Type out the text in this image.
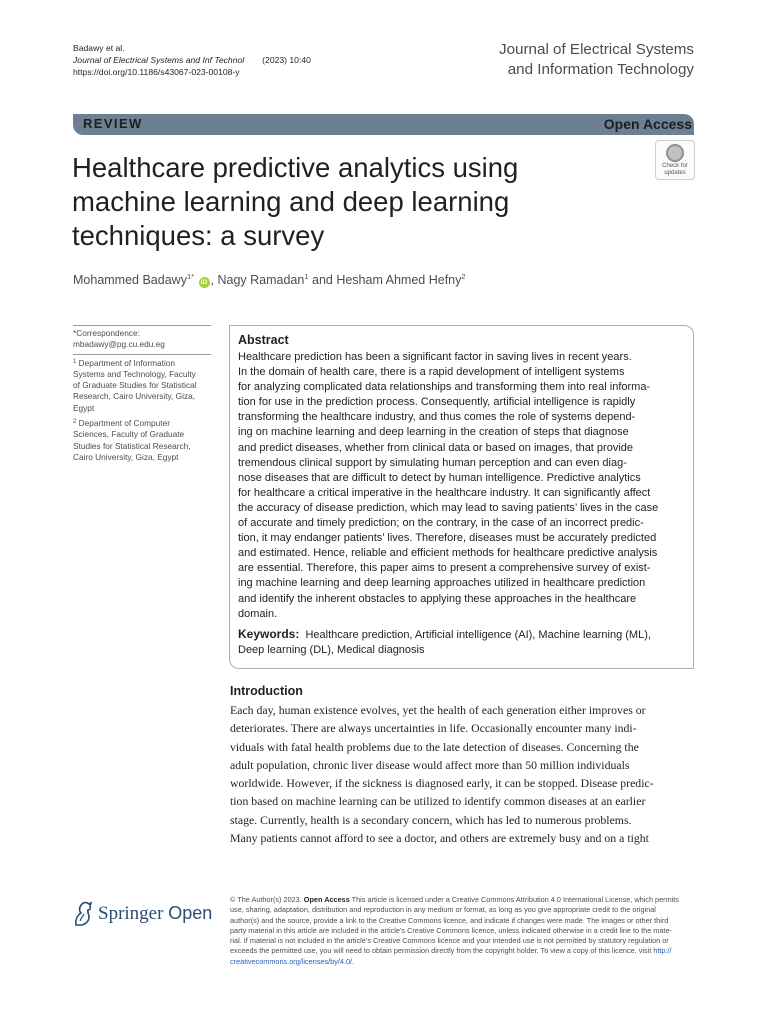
Badawy et al.
Journal of Electrical Systems and Inf Technol (2023) 10:40
https://doi.org/10.1186/s43067-023-00108-y
Journal of Electrical Systems
and Information Technology
REVIEW	Open Access
Healthcare predictive analytics using
machine learning and deep learning
techniques: a survey
Check for
updates
Mohammed Badawy$^{1*}$ iD , Nagy Ramadan$^1$ and Hesham Ahmed Hefny$^2$
*Correspondence:
mbadawy@pg.cu.edu.eg
$^1$ Department of Information
Systems and Technology, Faculty
of Graduate Studies for Statistical
Research, Cairo University, Giza,
Egypt
$^2$ Department of Computer
Sciences, Faculty of Graduate
Studies for Statistical Research,
Cairo University, Giza, Egypt
Abstract

Healthcare prediction has been a significant factor in saving lives in recent years.
In the domain of health care, there is a rapid development of intelligent systems
for analyzing complicated data relationships and transforming them into real informa-
tion for use in the prediction process. Consequently, artificial intelligence is rapidly
transforming the healthcare industry, and thus comes the role of systems depend-
ing on machine learning and deep learning in the creation of steps that diagnose
and predict diseases, whether from clinical data or based on images, that provide
tremendous clinical support by simulating human perception and can even diag-
nose diseases that are difficult to detect by human intelligence. Predictive analytics
for healthcare a critical imperative in the healthcare industry. It can significantly affect
the accuracy of disease prediction, which may lead to saving patients’ lives in the case
of accurate and timely prediction; on the contrary, in the case of an incorrect predic-
tion, it may endanger patients’ lives. Therefore, diseases must be accurately predicted
and estimated. Hence, reliable and efficient methods for healthcare predictive analysis
are essential. Therefore, this paper aims to present a comprehensive survey of exist-
ing machine learning and deep learning approaches utilized in healthcare prediction
and identify the inherent obstacles to applying these approaches in the healthcare
domain.

Keywords: Healthcare prediction, Artificial intelligence (AI), Machine learning (ML),
Deep learning (DL), Medical diagnosis
Introduction
Each day, human existence evolves, yet the health of each generation either improves or
deteriorates. There are always uncertainties in life. Occasionally encounter many indi-
viduals with fatal health problems due to the late detection of diseases. Concerning the
adult population, chronic liver disease would affect more than 50 million individuals
worldwide. However, if the sickness is diagnosed early, it can be stopped. Disease predic-
tion based on machine learning can be utilized to identify common diseases at an earlier
stage. Currently, health is a secondary concern, which has led to numerous problems.
Many patients cannot afford to see a doctor, and others are extremely busy and on a tight
Springer Open
© The Author(s) 2023. Open Access This article is licensed under a Creative Commons Attribution 4.0 International License, which permits
use, sharing, adaptation, distribution and reproduction in any medium or format, as long as you give appropriate credit to the original
author(s) and the source, provide a link to the Creative Commons licence, and indicate if changes were made. The images or other third
party material in this article are included in the article’s Creative Commons licence, unless indicated otherwise in a credit line to the mate-
rial. If material is not included in the article’s Creative Commons licence and your intended use is not permitted by statutory regulation or
exceeds the permitted use, you will need to obtain permission directly from the copyright holder. To view a copy of this licence, visit http://
creativecommons.org/licenses/by/4.0/.
